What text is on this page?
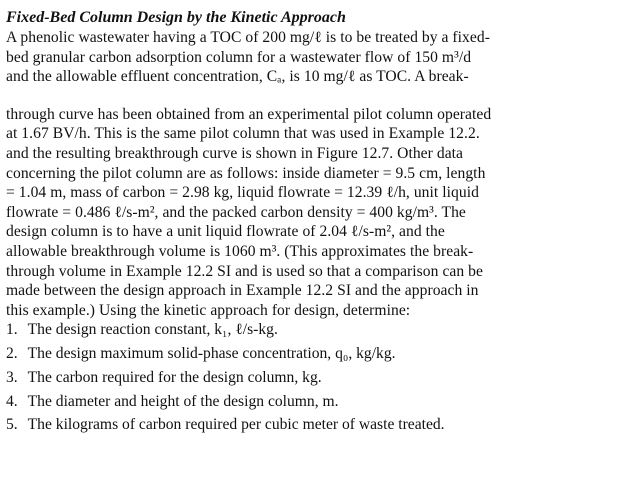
Fixed-Bed Column Design by the Kinetic Approach

A phenolic wastewater having a TOC of 200 mg/ℓ is to be treated by a fixed-
bed granular carbon adsorption column for a wastewater flow of 150 m³/d
and the allowable effluent concentration, Cₐ, is 10 mg/ℓ as TOC. A break-

through curve has been obtained from an experimental pilot column operated
at 1.67 BV/h. This is the same pilot column that was used in Example 12.2.
and the resulting breakthrough curve is shown in Figure 12.7. Other data
concerning the pilot column are as follows: inside diameter = 9.5 cm, length
= 1.04 m, mass of carbon = 2.98 kg, liquid flowrate = 12.39 ℓ/h, unit liquid
flowrate = 0.486 ℓ/s-m², and the packed carbon density = 400 kg/m³. The
design column is to have a unit liquid flowrate of 2.04 ℓ/s-m², and the
allowable breakthrough volume is 1060 m³. (This approximates the break-
through volume in Example 12.2 SI and is used so that a comparison can be
made between the design approach in Example 12.2 SI and the approach in
this example.) Using the kinetic approach for design, determine:

1. The design reaction constant, k₁, ℓ/s-kg.
2. The design maximum solid-phase concentration, q₀, kg/kg.
3. The carbon required for the design column, kg.
4. The diameter and height of the design column, m.
5. The kilograms of carbon required per cubic meter of waste treated.
